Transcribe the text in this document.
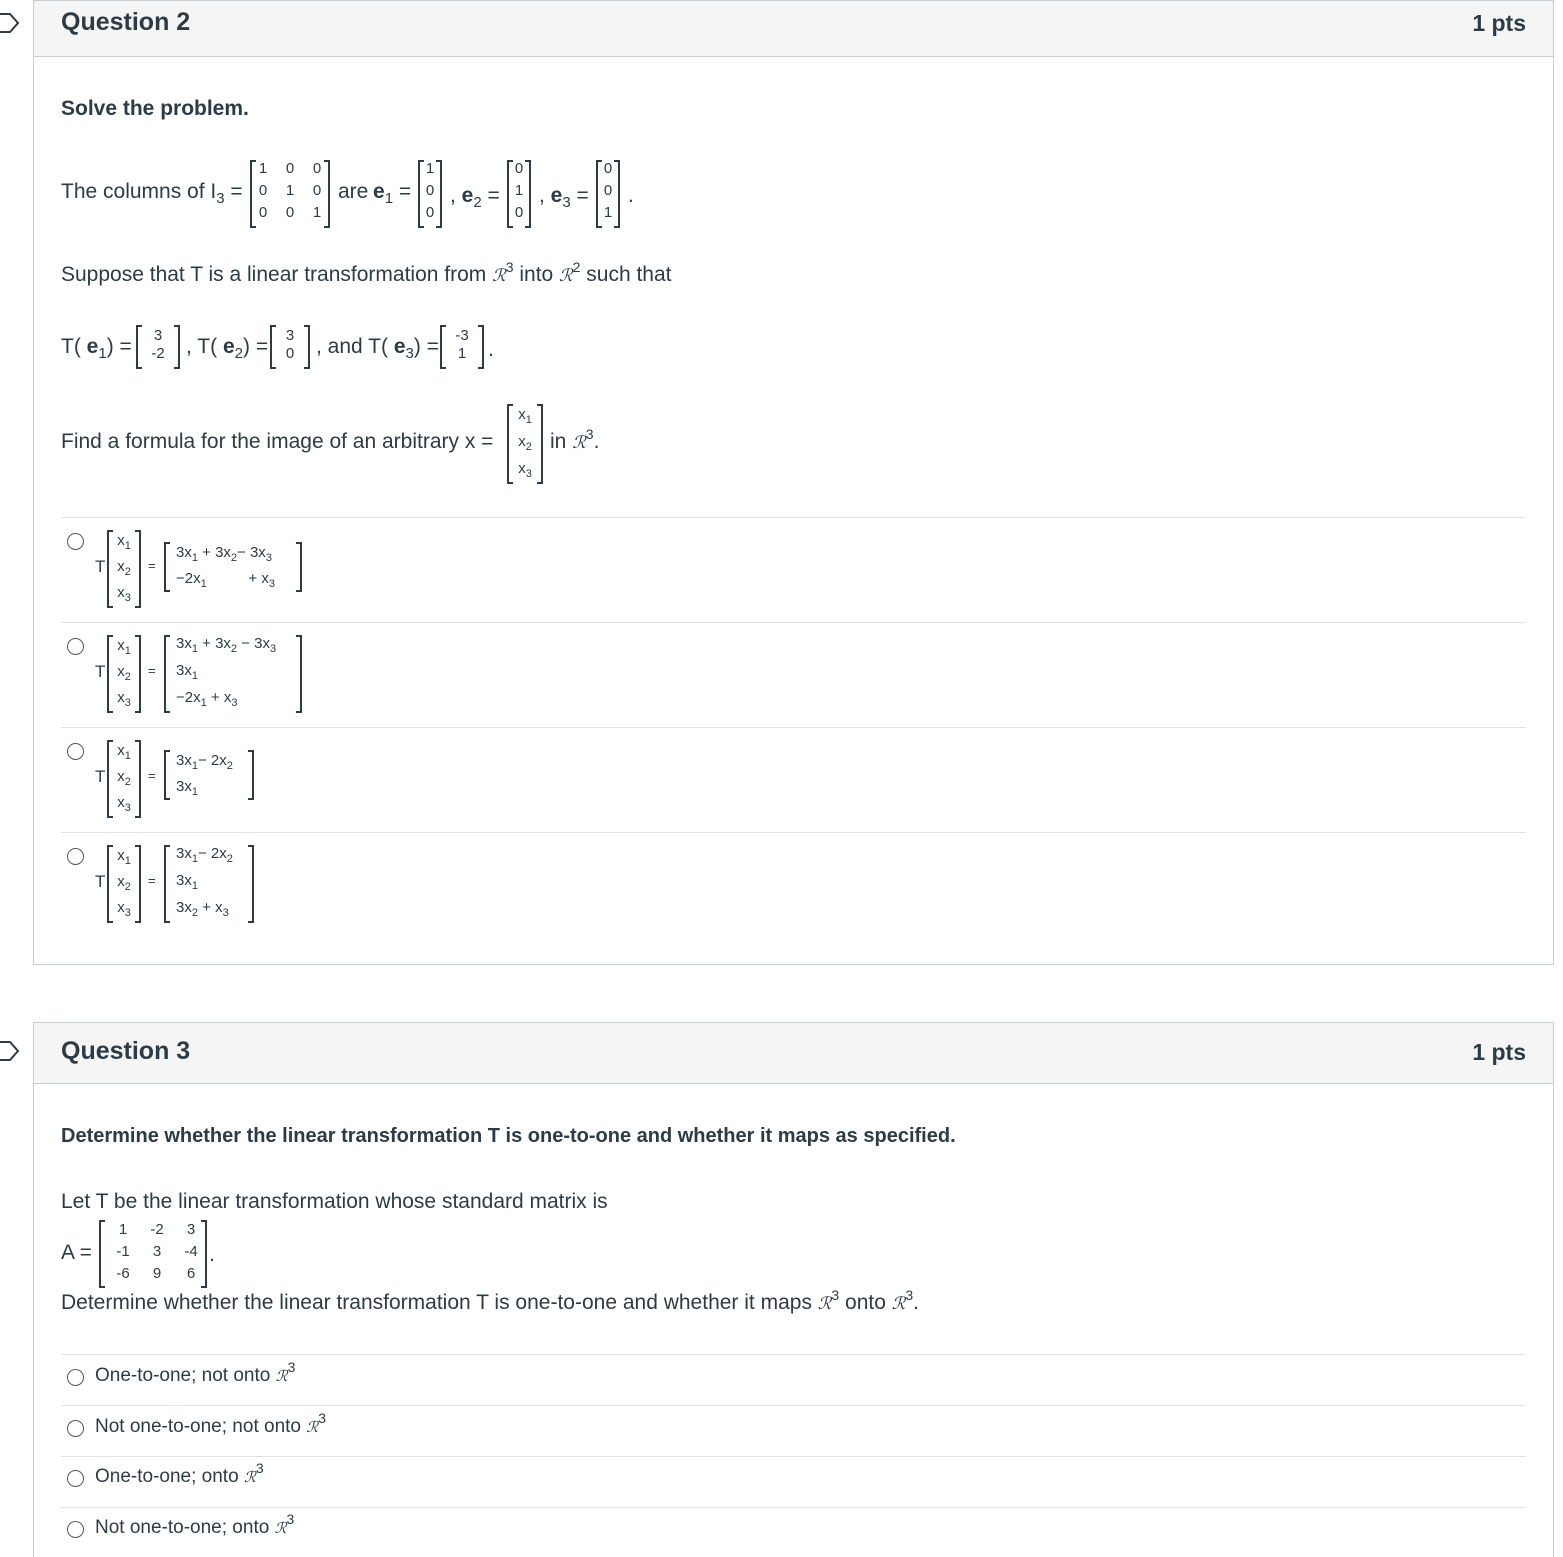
Question 2	1 pts
Solve the problem.
The columns of $I_3$ =
1	0	0
0	1	0
0	0	1
are $e_1$ =
1
0
0
, $e_2$ =
0
1
0
, $e_3$ =
0
0
1
.
Suppose that T is a linear transformation from ℛ$^3$ into ℛ$^2$ such that
T( $e_1$) =	3
-2 , T( $e_2$) =	3
0 , and T( $e_3) = -3$
1 .
Find a formula for the image of an arbitrary x =
$x_1$
$x_2$
$x_3$
in ℛ$^3$.
T
$x_1$
$x_2$
$x_3$
=
$3x_1 + 3x_2- 3x_3$
$-2x_1$          + $x_3$
T
$x_1$
$x_2$
$x_3$
=
$3x_1 + 3x_2 - 3x_3$
$3x_1$
$-2x_1 + x_3$
T
$x_1$
$x_2$
$x_3$
=
$3x_1- 2x_2$
$3x_1$
T
$x_1$
$x_2$
$x_3$
=
$3x_1- 2x_2$
$3x_1$
$3x_2 + x_3$
Question 3	1 pts
Determine whether the linear transformation T is one-to-one and whether it maps as specified.
Let T be the linear transformation whose standard matrix is
A =
1	-2	3
-1	3	-4
-6	9	6
.
Determine whether the linear transformation T is one-to-one and whether it maps ℛ$^3$ onto ℛ$^3$.
One-to-one; not onto ℛ$^3$
Not one-to-one; not onto ℛ$^3$
One-to-one; onto ℛ$^3$
Not one-to-one; onto ℛ$^3$
